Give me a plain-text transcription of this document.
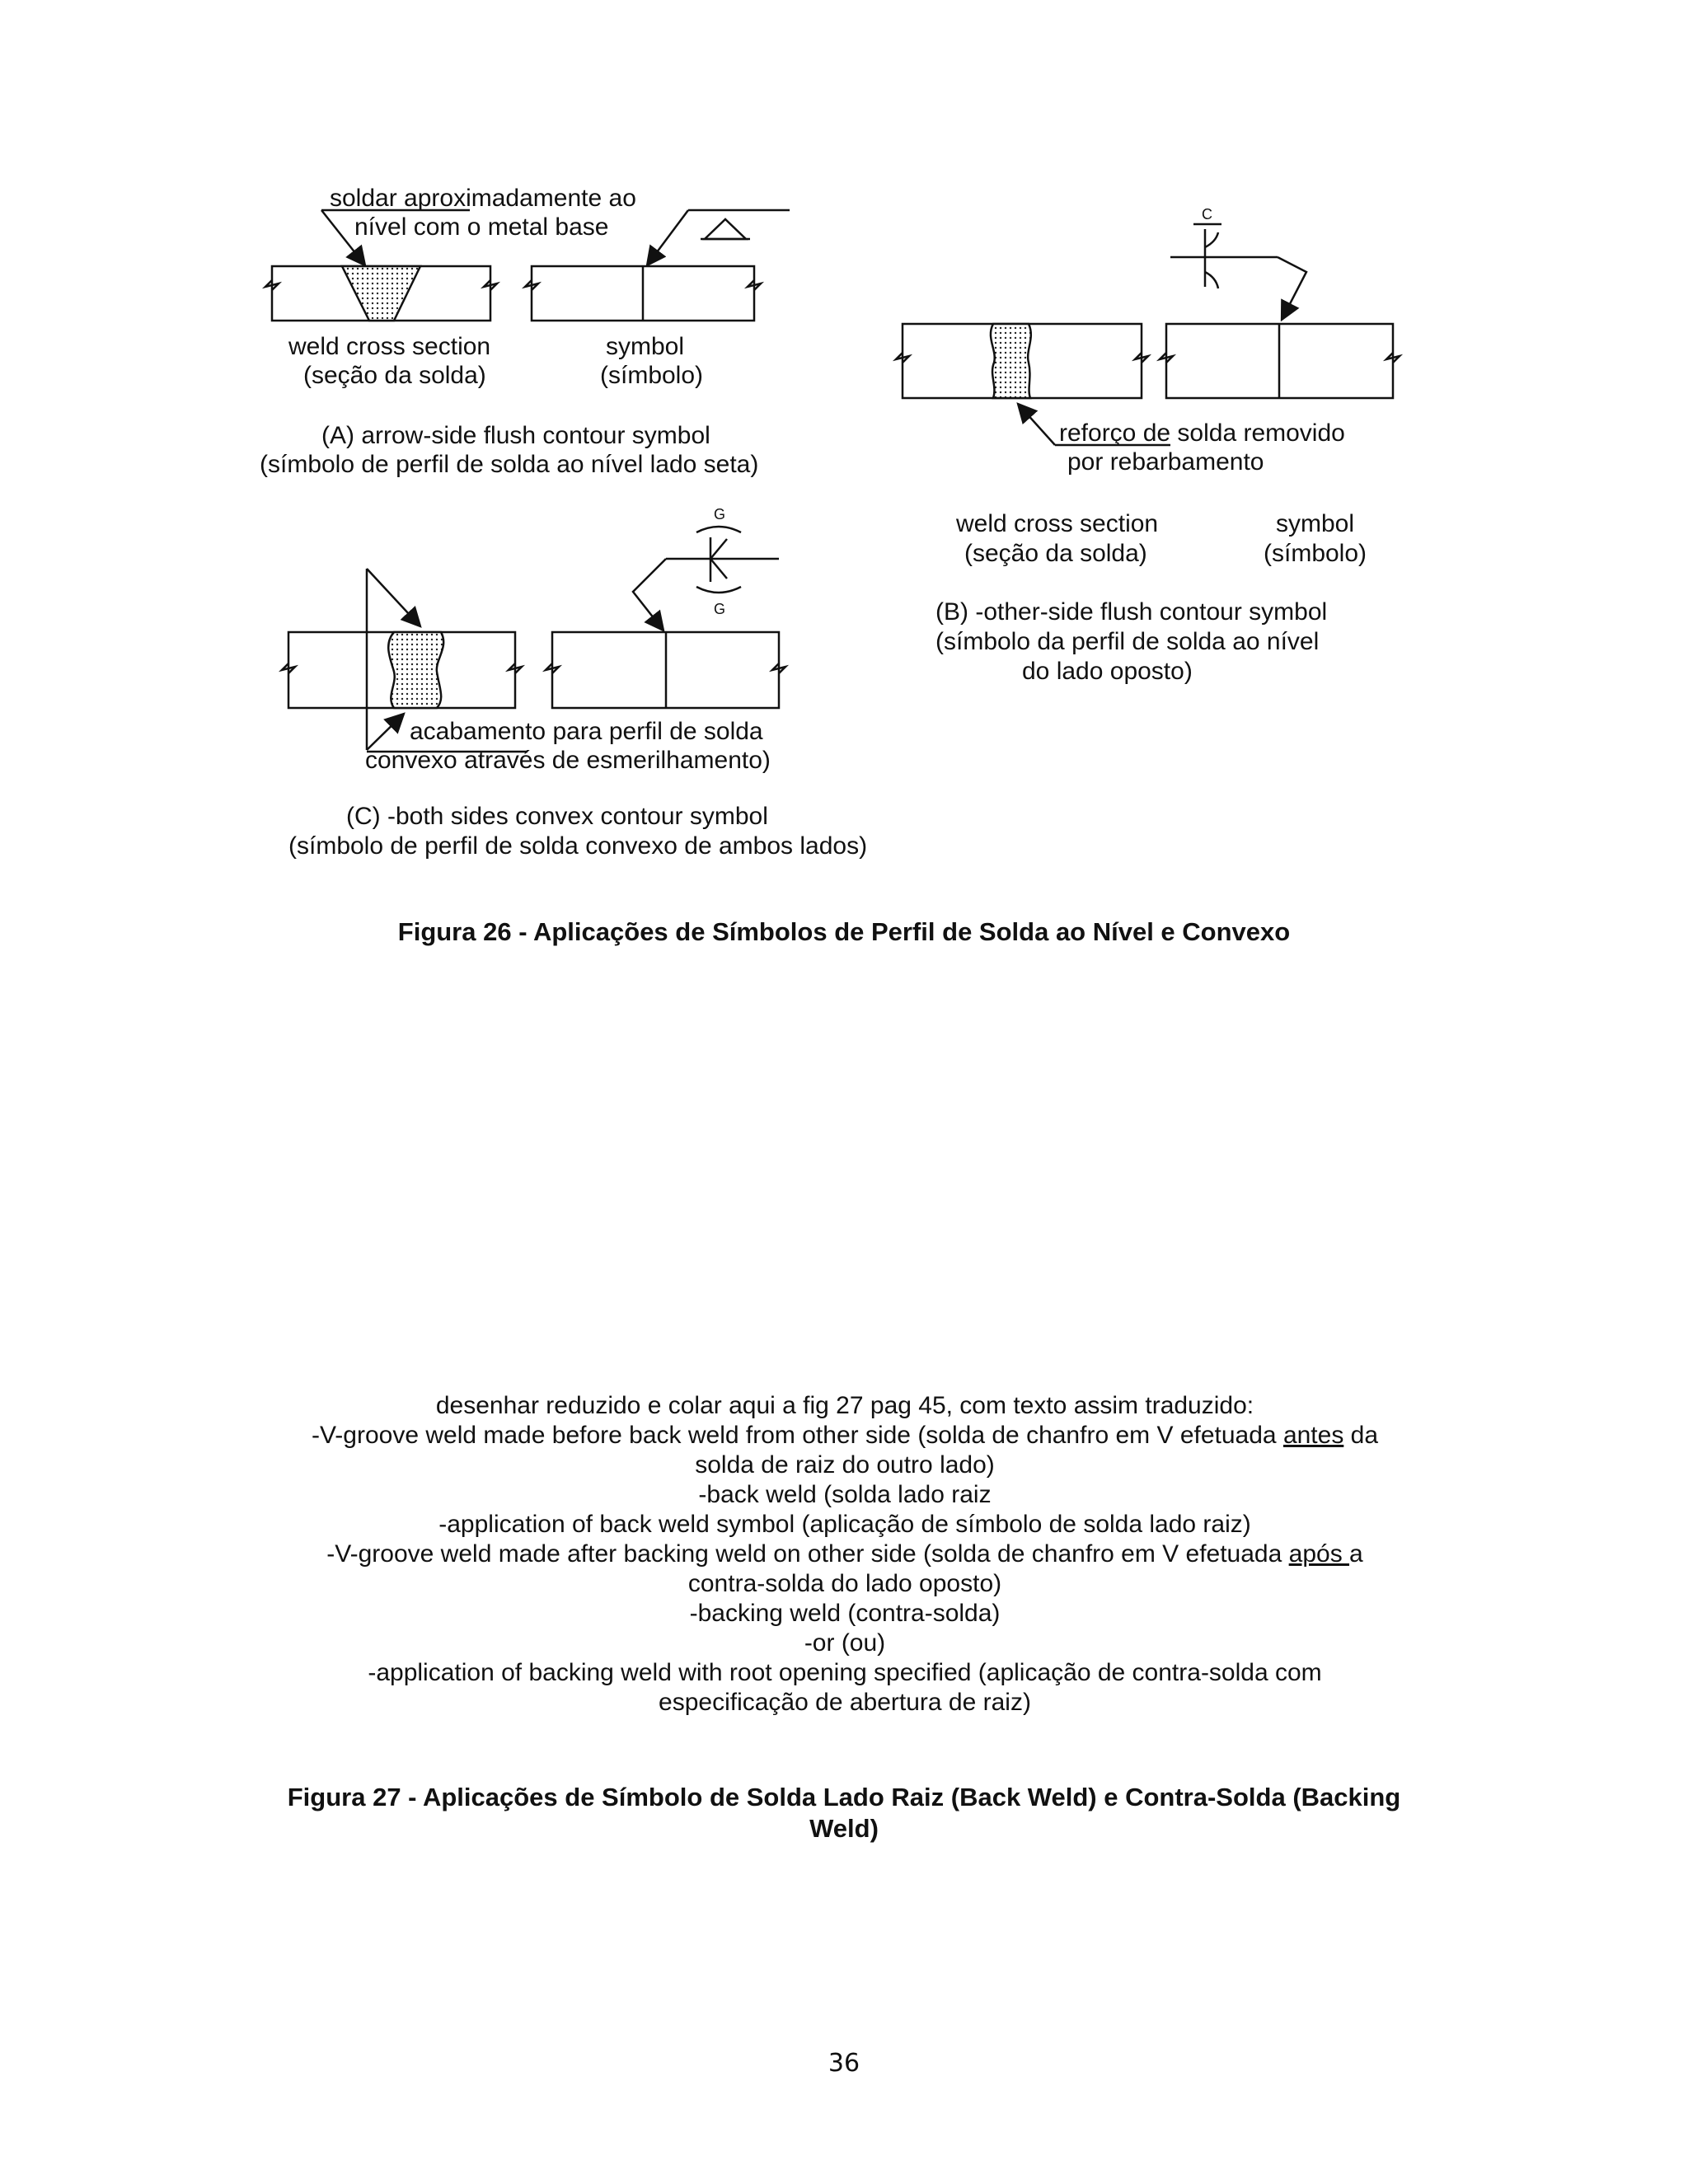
soldar aproximadamente ao
nível com o metal base
weld cross section
(seção da solda)
symbol
(símbolo)
(A) arrow-side flush contour symbol
(símbolo de perfil de solda ao nível lado seta)
C
reforço de solda removido
por rebarbamento
weld cross section
(seção da solda)
symbol
(símbolo)
(B) -other-side flush contour symbol
(símbolo da perfil de solda ao nível
do lado oposto)
G
G
acabamento para perfil de solda
convexo através de esmerilhamento)
(C) -both sides convex contour symbol
(símbolo de perfil de solda convexo de ambos lados)
Figura 26 - Aplicações de Símbolos de Perfil de Solda ao Nível e Convexo

desenhar reduzido e colar aqui a fig 27 pag 45, com texto assim traduzido:

-V-groove weld made before back weld from other side (solda de chanfro em V efetuada antes da

solda de raiz do outro lado)

-back weld (solda lado raiz

-application of back weld symbol (aplicação de símbolo de solda lado raiz)

-V-groove weld made after backing weld on other side (solda de chanfro em V efetuada após a

contra-solda do lado oposto)

-backing weld (contra-solda)

-or (ou)

-application of backing weld with root opening specified (aplicação de contra-solda com

especificação de abertura de raiz)

Figura 27 - Aplicações de Símbolo de Solda Lado Raiz (Back Weld) e Contra-Solda (Backing
Weld)
36
